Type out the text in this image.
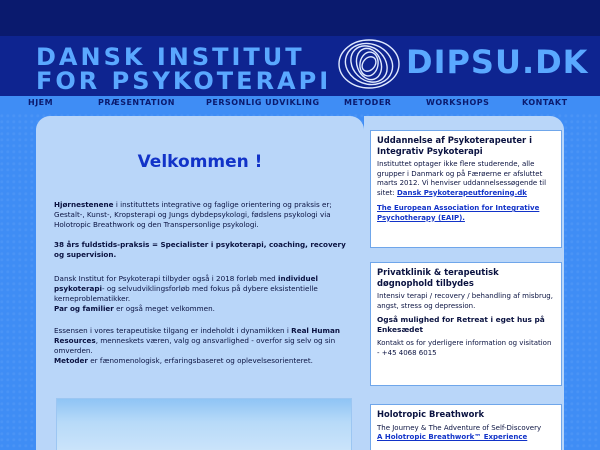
DANSK INSTITUT
FOR PSYKOTERAPI DIPSU.DK
HJEM	PRÆSENTATION	PERSONLIG UDVIKLING	METODER	WORKSHOPS	KONTAKT
Velkommen !
Hjørnestenene i instituttets integrative og faglige orientering og praksis er; Gestalt-, Kunst-, Kropsterapi og Jungs dybdepsykologi, fødslens psykologi via Holotropic Breathwork og den Transpersonlige psykologi.
38 års fuldstids-praksis = Specialister i psykoterapi, coaching, recovery og supervision.
Dansk Institut for Psykoterapi tilbyder også i 2018 forløb med individuel psykoterapi- og selvudviklingsforløb med fokus på dybere eksistentielle kerneproblematikker.
Par og familier er også meget velkommen.
Essensen i vores terapeutiske tilgang er indeholdt i dynamikken i Real Human Resources, menneskets væren, valg og ansvarlighed - overfor sig selv og sin omverden.
Metoder er fænomenologisk, erfaringsbaseret og oplevelsesorienteret.
Uddannelse af Psykoterapeuter i Integrativ Psykoterapi
Instituttet optager ikke flere studerende, alle grupper i Danmark og på Færøerne er afsluttet marts 2012. Vi henviser uddannelsessøgende til sitet: Dansk Psykoterapeutforening.dk
The European Association for Integrative Psychotherapy (EAIP).
Privatklinik & terapeutisk døgnophold tilbydes
Intensiv terapi / recovery / behandling af misbrug, angst, stress og depression.
Også mulighed for Retreat i eget hus på Enkesædet
Kontakt os for yderligere information og visitation - +45 4068 6015
Holotropic Breathwork
The Journey & The Adventure of Self-Discovery
A Holotropic Breathwork™ Experience
